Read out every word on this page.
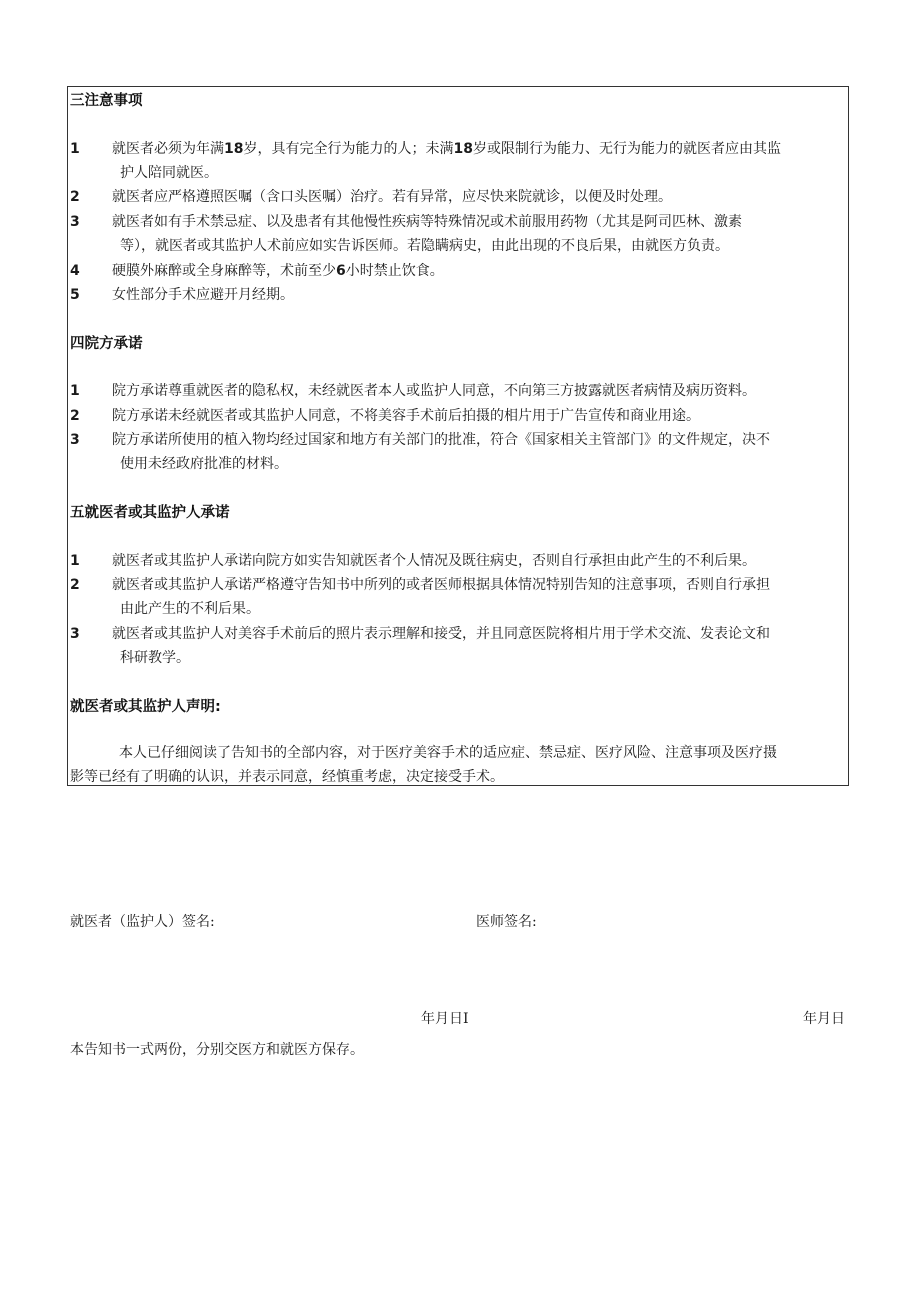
三注意事项
1	就医者必须为年满18岁，具有完全行为能力的人；未满18岁或限制行为能力、无行为能力的就医者应由其监
护人陪同就医。
2	就医者应严格遵照医嘱（含口头医嘱）治疗。若有异常，应尽快来院就诊，以便及时处理。
3	就医者如有手术禁忌症、以及患者有其他慢性疾病等特殊情况或术前服用药物（尤其是阿司匹林、激素
等），就医者或其监护人术前应如实告诉医师。若隐瞒病史，由此出现的不良后果，由就医方负责。
4	硬膜外麻醉或全身麻醉等，术前至少6小时禁止饮食。
5	女性部分手术应避开月经期。
四院方承诺
1	院方承诺尊重就医者的隐私权，未经就医者本人或监护人同意，不向第三方披露就医者病情及病历资料。
2	院方承诺未经就医者或其监护人同意，不将美容手术前后拍摄的相片用于广告宣传和商业用途。
3	院方承诺所使用的植入物均经过国家和地方有关部门的批准，符合《国家相关主管部门》的文件规定，决不
使用未经政府批准的材料。
五就医者或其监护人承诺
1	就医者或其监护人承诺向院方如实告知就医者个人情况及既往病史，否则自行承担由此产生的不利后果。
2	就医者或其监护人承诺严格遵守告知书中所列的或者医师根据具体情况特别告知的注意事项，否则自行承担
由此产生的不利后果。
3	就医者或其监护人对美容手术前后的照片表示理解和接受，并且同意医院将相片用于学术交流、发表论文和
科研教学。
就医者或其监护人声明:
本人已仔细阅读了告知书的全部内容，对于医疗美容手术的适应症、禁忌症、医疗风险、注意事项及医疗摄
影等已经有了明确的认识，并表示同意，经慎重考虑，决定接受手术。
就医者（监护人）签名:	医师签名:
年月日I	年月日
本告知书一式两份，分别交医方和就医方保存。
